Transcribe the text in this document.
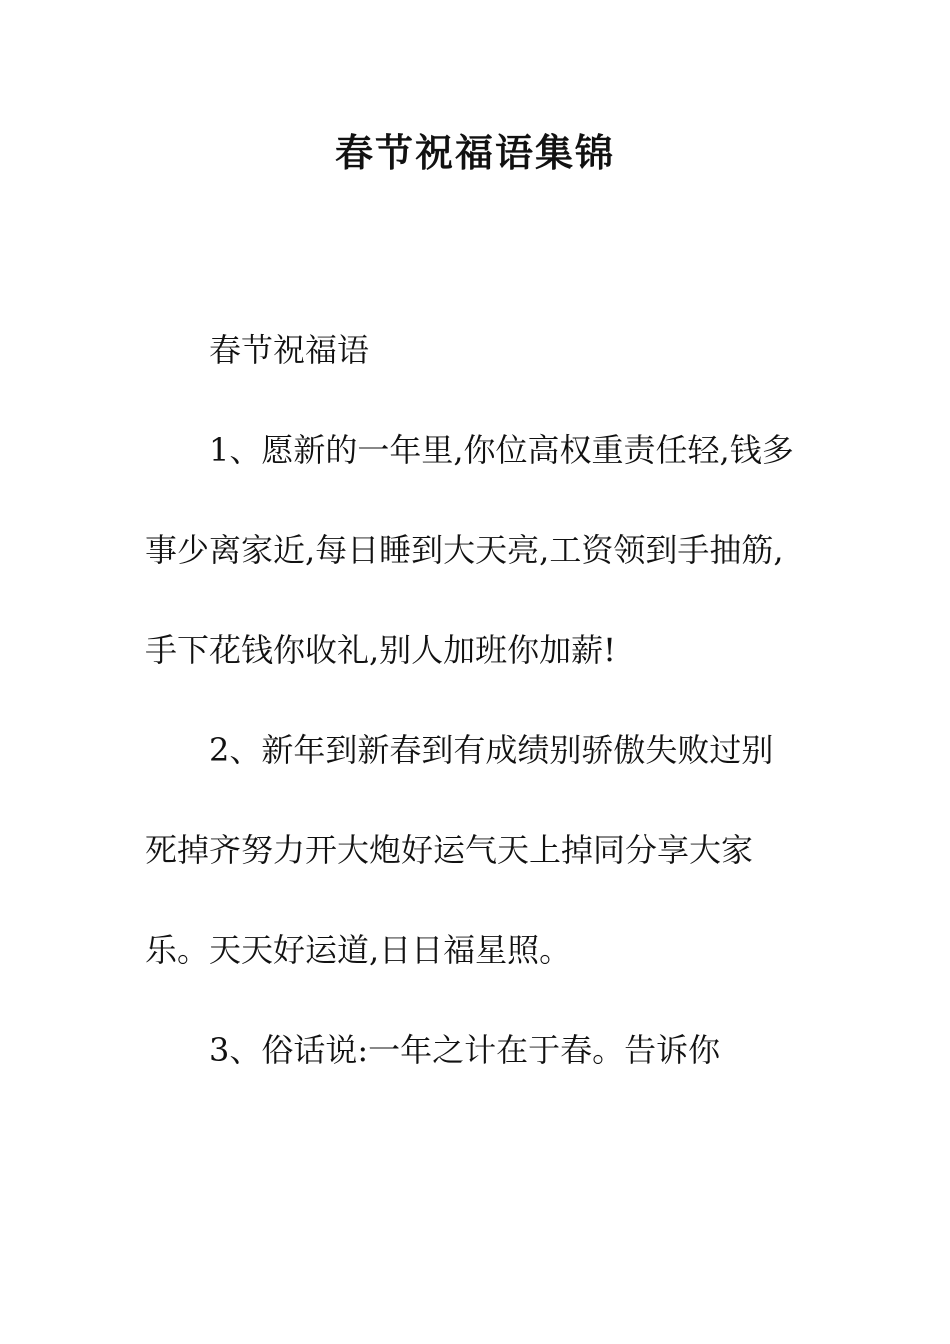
春节祝福语集锦

春节祝福语

1、愿新的一年里,你位高权重责任轻,钱多事少离家近,每日睡到大天亮,工资领到手抽筋,手下花钱你收礼,别人加班你加薪!

2、新年到新春到有成绩别骄傲失败过别死掉齐努力开大炮好运气天上掉同分享大家乐。天天好运道,日日福星照。

3、俗话说:一年之计在于春。告诉你
